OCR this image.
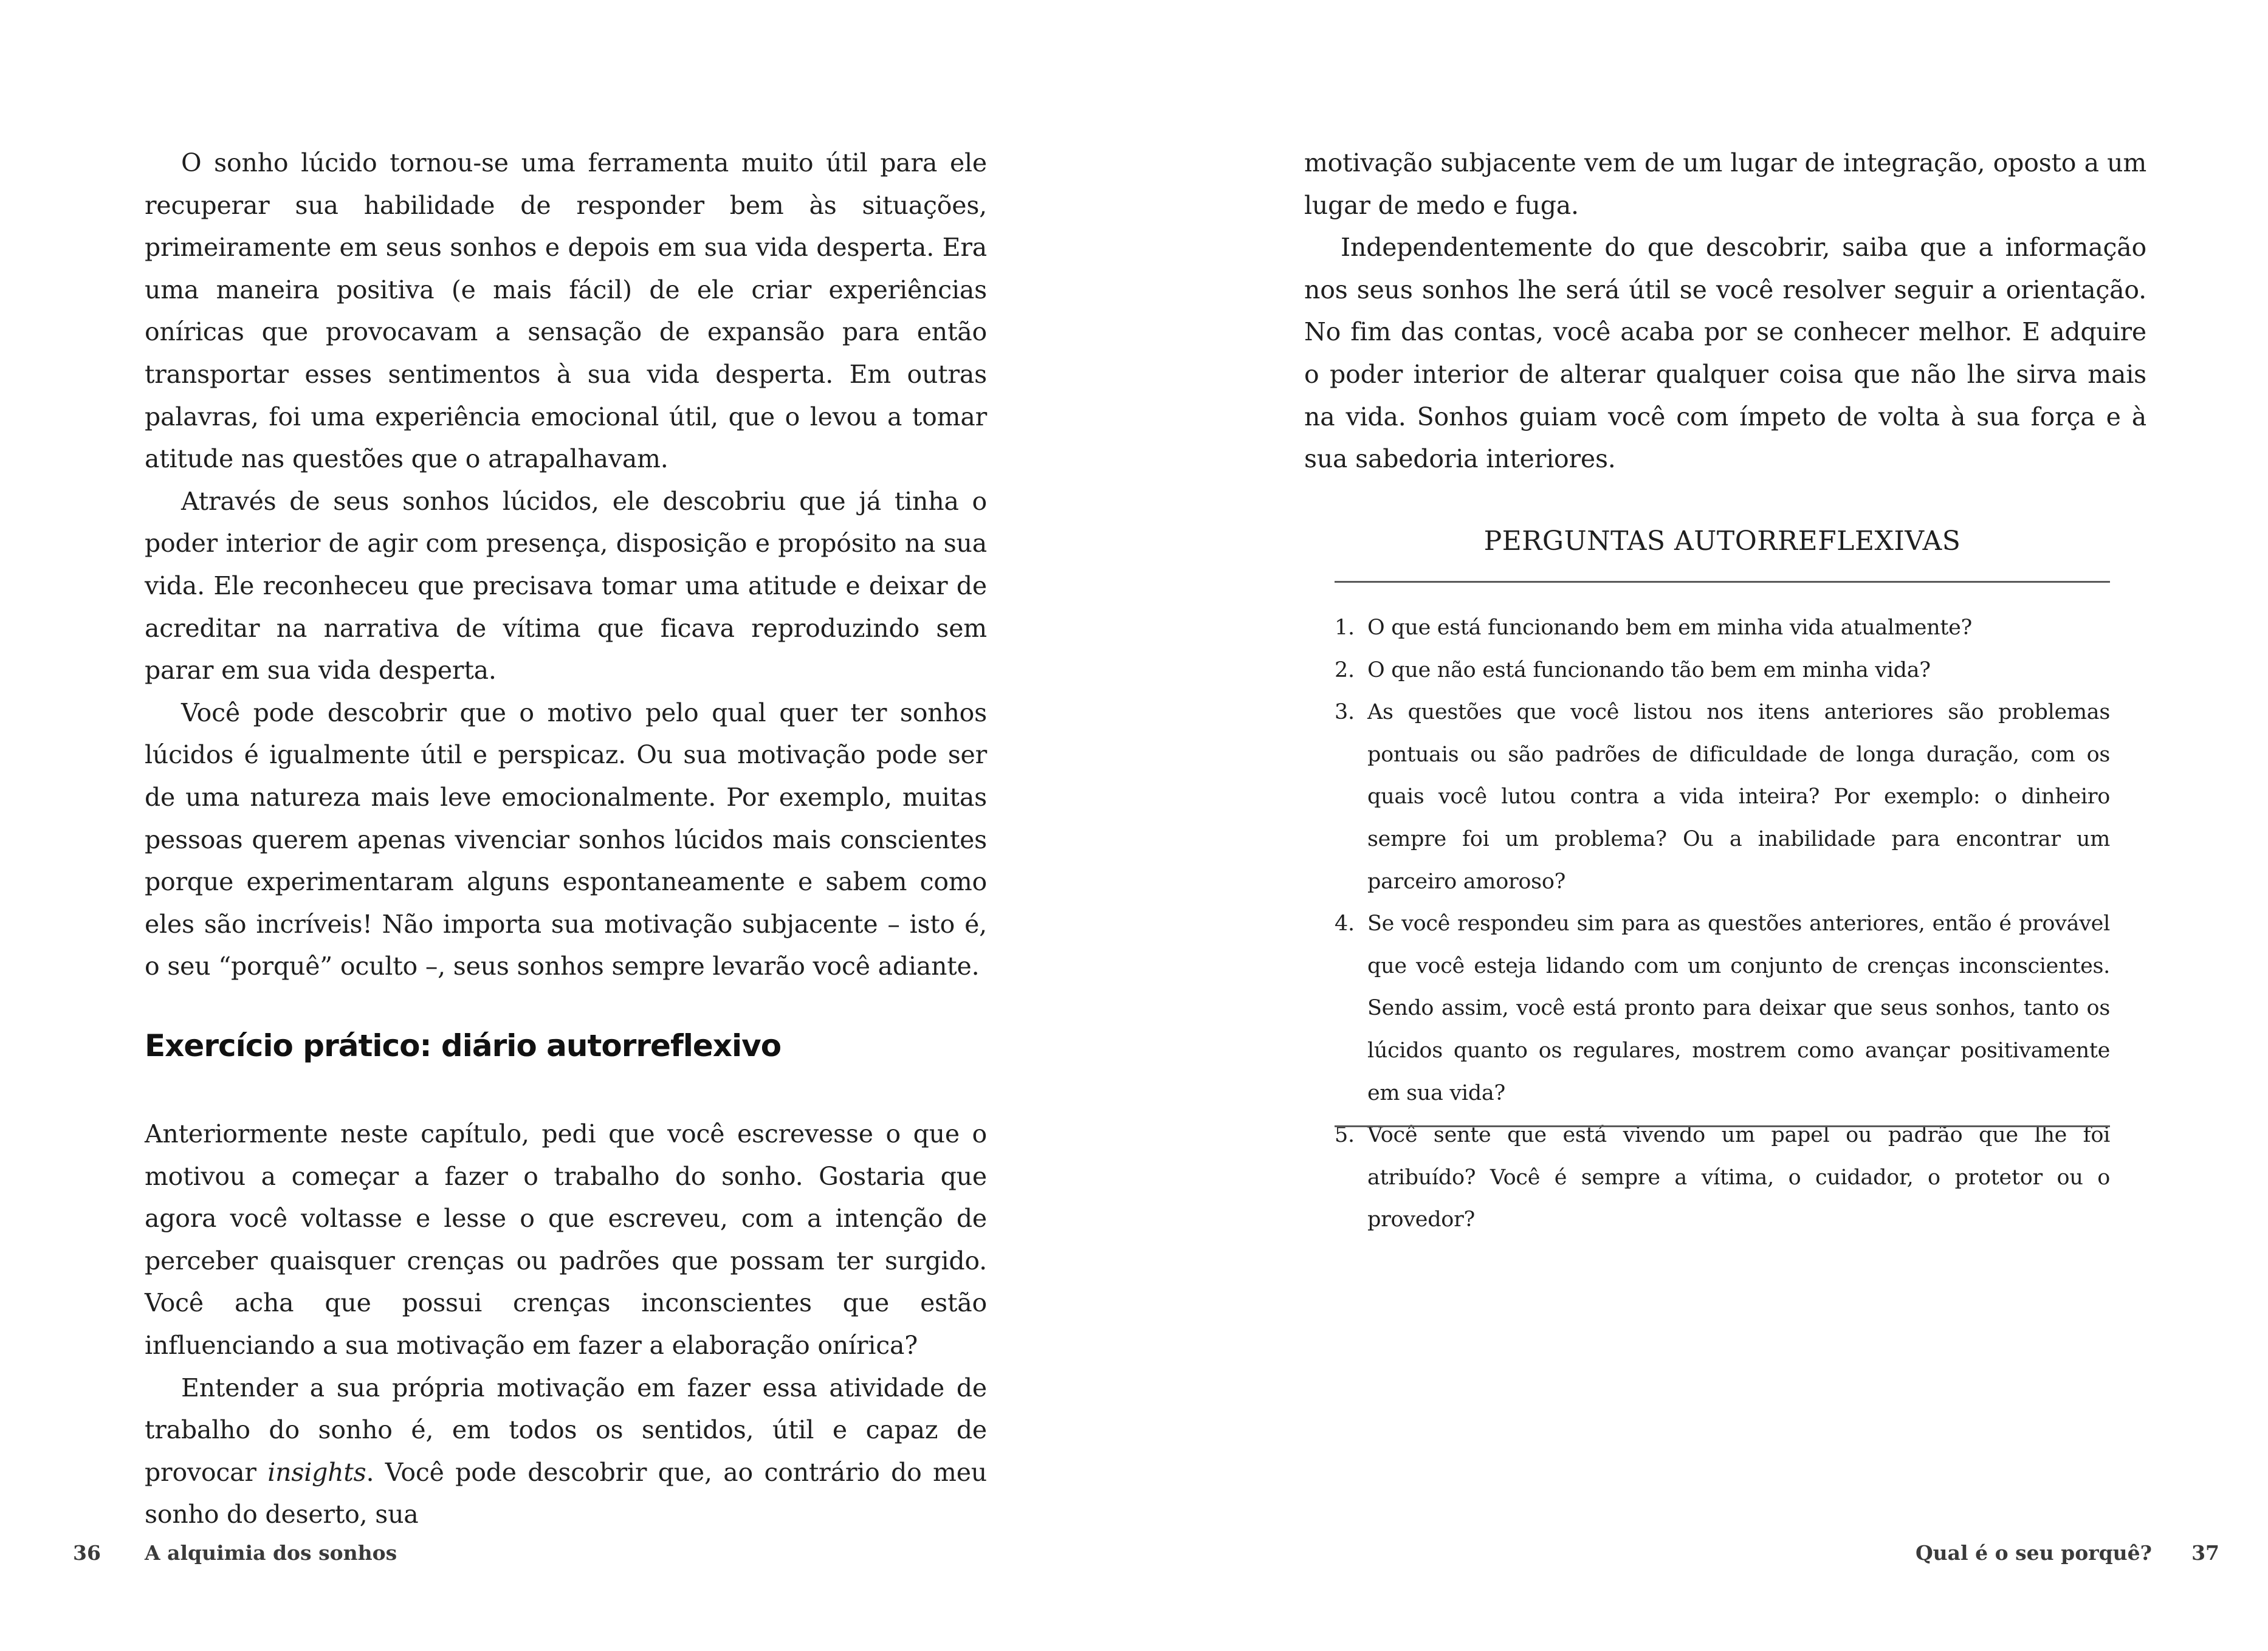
O sonho lúcido tornou-se uma ferramenta muito útil para ele recuperar sua habilidade de responder bem às situações, primeiramente em seus sonhos e depois em sua vida desperta. Era uma maneira positiva (e mais fácil) de ele criar experiências oníricas que provocavam a sensação de expansão para então transportar esses sentimentos à sua vida desperta. Em outras palavras, foi uma experiência emocional útil, que o levou a tomar atitude nas questões que o atrapalhavam.

Através de seus sonhos lúcidos, ele descobriu que já tinha o poder interior de agir com presença, disposição e propósito na sua vida. Ele reconheceu que precisava tomar uma atitude e deixar de acreditar na narrativa de vítima que ficava reproduzindo sem parar em sua vida desperta.

Você pode descobrir que o motivo pelo qual quer ter sonhos lúcidos é igualmente útil e perspicaz. Ou sua motivação pode ser de uma natureza mais leve emocionalmente. Por exemplo, muitas pessoas querem apenas vivenciar sonhos lúcidos mais conscientes porque experimentaram alguns espontaneamente e sabem como eles são incríveis! Não importa sua motivação subjacente – isto é, o seu “porquê” oculto –, seus sonhos sempre levarão você adiante.

Exercício prático: diário autorreflexivo

Anteriormente neste capítulo, pedi que você escrevesse o que o motivou a começar a fazer o trabalho do sonho. Gostaria que agora você voltasse e lesse o que escreveu, com a intenção de perceber quaisquer crenças ou padrões que possam ter surgido. Você acha que possui crenças inconscientes que estão influenciando a sua motivação em fazer a elaboração onírica?

Entender a sua própria motivação em fazer essa atividade de trabalho do sonho é, em todos os sentidos, útil e capaz de provocar insights. Você pode descobrir que, ao contrário do meu sonho do deserto, sua

36 A alquimia dos sonhos

motivação subjacente vem de um lugar de integração, oposto a um lugar de medo e fuga.

Independentemente do que descobrir, saiba que a informação nos seus sonhos lhe será útil se você resolver seguir a orientação. No fim das contas, você acaba por se conhecer melhor. E adquire o poder interior de alterar qualquer coisa que não lhe sirva mais na vida. Sonhos guiam você com ímpeto de volta à sua força e à sua sabedoria interiores.

PERGUNTAS AUTORREFLEXIVAS
1. O que está funcionando bem em minha vida atualmente?
2. O que não está funcionando tão bem em minha vida?
3. As questões que você listou nos itens anteriores são problemas pontuais ou são padrões de dificuldade de longa duração, com os quais você lutou contra a vida inteira? Por exemplo: o dinheiro sempre foi um problema? Ou a inabilidade para encontrar um parceiro amoroso?
4. Se você respondeu sim para as questões anteriores, então é provável que você esteja lidando com um conjunto de crenças inconscientes. Sendo assim, você está pronto para deixar que seus sonhos, tanto os lúcidos quanto os regulares, mostrem como avançar positivamente em sua vida?
5. Você sente que está vivendo um papel ou padrão que lhe foi atribuído? Você é sempre a vítima, o cuidador, o protetor ou o provedor?
Qual é o seu porquê? 37
